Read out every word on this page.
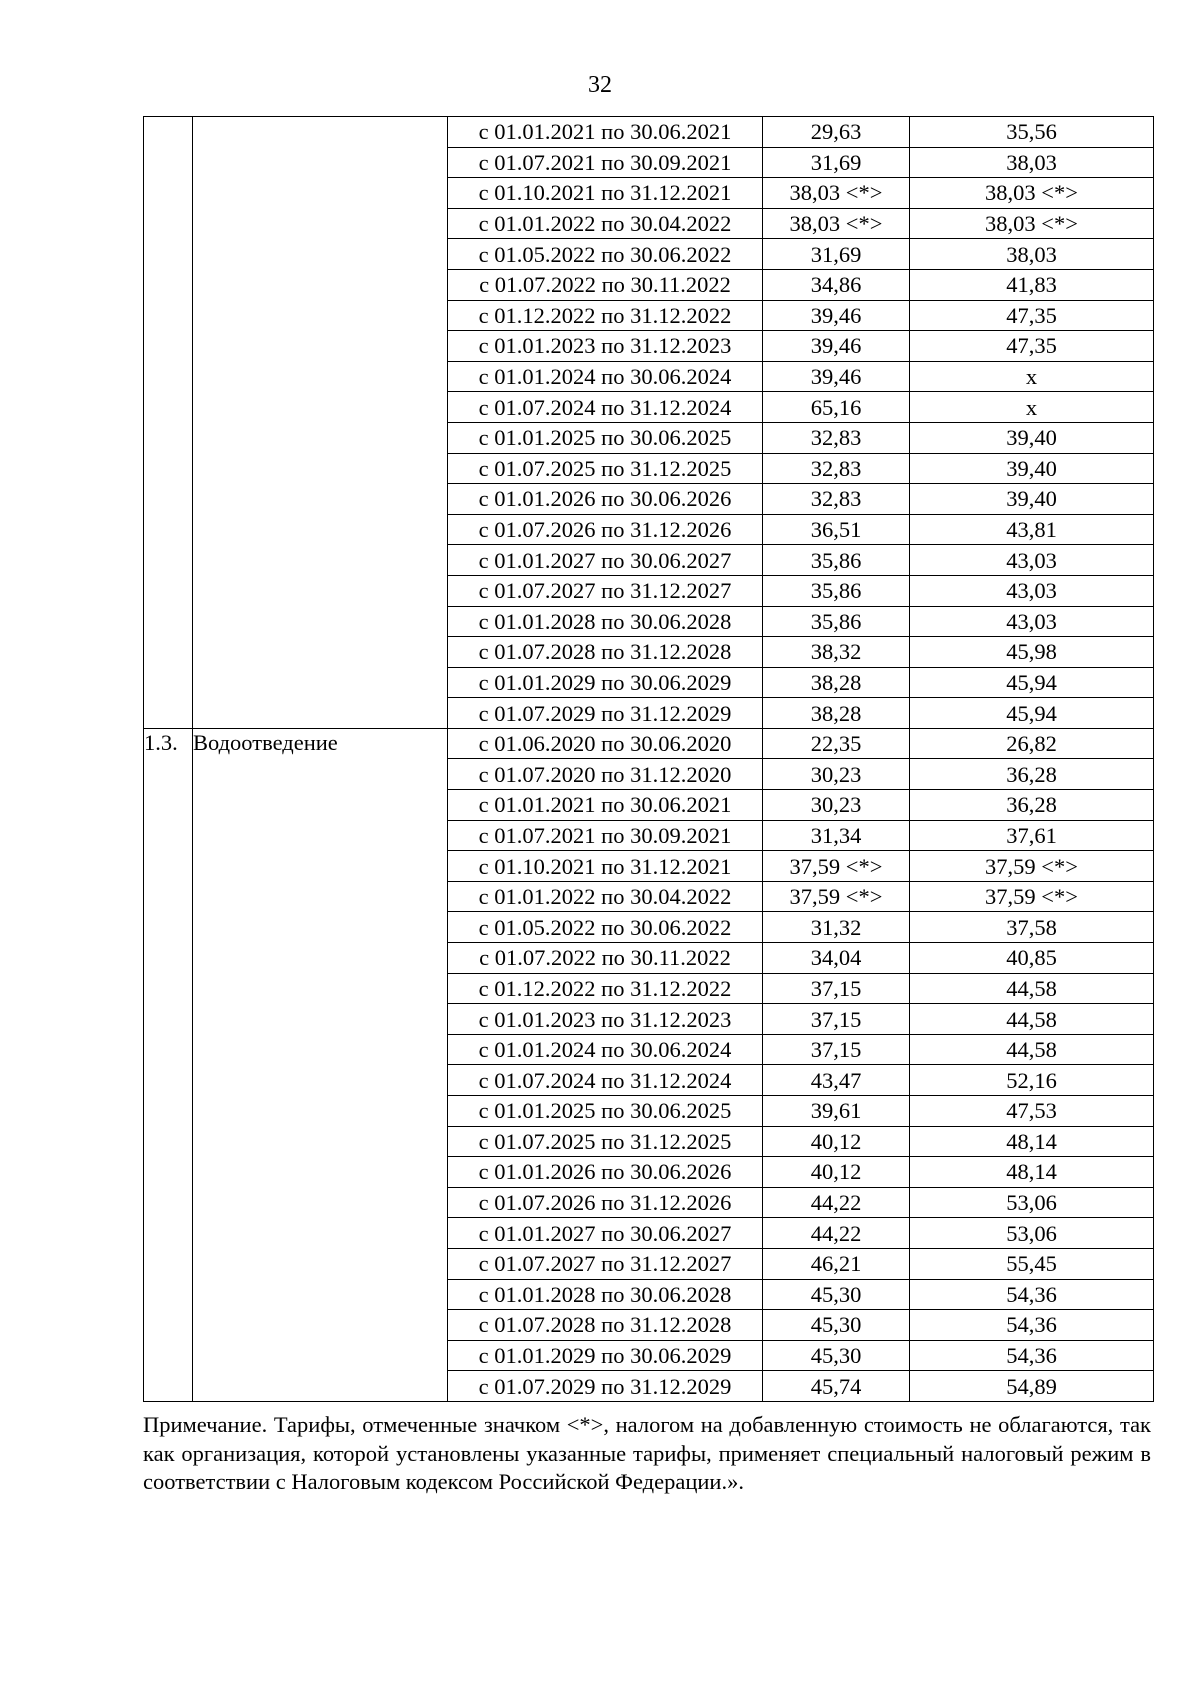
32
		с 01.01.2021 по 30.06.2021	29,63	35,56
		с 01.07.2021 по 30.09.2021	31,69	38,03
		с 01.10.2021 по 31.12.2021	38,03 <*>	38,03 <*>
		с 01.01.2022 по 30.04.2022	38,03 <*>	38,03 <*>
		с 01.05.2022 по 30.06.2022	31,69	38,03
		с 01.07.2022 по 30.11.2022	34,86	41,83
		с 01.12.2022 по 31.12.2022	39,46	47,35
		с 01.01.2023 по 31.12.2023	39,46	47,35
		с 01.01.2024 по 30.06.2024	39,46	х
		с 01.07.2024 по 31.12.2024	65,16	х
		с 01.01.2025 по 30.06.2025	32,83	39,40
		с 01.07.2025 по 31.12.2025	32,83	39,40
		с 01.01.2026 по 30.06.2026	32,83	39,40
		с 01.07.2026 по 31.12.2026	36,51	43,81
		с 01.01.2027 по 30.06.2027	35,86	43,03
		с 01.07.2027 по 31.12.2027	35,86	43,03
		с 01.01.2028 по 30.06.2028	35,86	43,03
		с 01.07.2028 по 31.12.2028	38,32	45,98
		с 01.01.2029 по 30.06.2029	38,28	45,94
		с 01.07.2029 по 31.12.2029	38,28	45,94
1.3.	Водоотведение	с 01.06.2020 по 30.06.2020	22,35	26,82
		с 01.07.2020 по 31.12.2020	30,23	36,28
		с 01.01.2021 по 30.06.2021	30,23	36,28
		с 01.07.2021 по 30.09.2021	31,34	37,61
		с 01.10.2021 по 31.12.2021	37,59 <*>	37,59 <*>
		с 01.01.2022 по 30.04.2022	37,59 <*>	37,59 <*>
		с 01.05.2022 по 30.06.2022	31,32	37,58
		с 01.07.2022 по 30.11.2022	34,04	40,85
		с 01.12.2022 по 31.12.2022	37,15	44,58
		с 01.01.2023 по 31.12.2023	37,15	44,58
		с 01.01.2024 по 30.06.2024	37,15	44,58
		с 01.07.2024 по 31.12.2024	43,47	52,16
		с 01.01.2025 по 30.06.2025	39,61	47,53
		с 01.07.2025 по 31.12.2025	40,12	48,14
		с 01.01.2026 по 30.06.2026	40,12	48,14
		с 01.07.2026 по 31.12.2026	44,22	53,06
		с 01.01.2027 по 30.06.2027	44,22	53,06
		с 01.07.2027 по 31.12.2027	46,21	55,45
		с 01.01.2028 по 30.06.2028	45,30	54,36
		с 01.07.2028 по 31.12.2028	45,30	54,36
		с 01.01.2029 по 30.06.2029	45,30	54,36
		с 01.07.2029 по 31.12.2029	45,74	54,89
Примечание. Тарифы, отмеченные значком <*>, налогом на добавленную стоимость не облагаются, так как организация, которой установлены указанные тарифы, применяет специальный налоговый режим в соответствии с Налоговым кодексом Российской Федерации.».
